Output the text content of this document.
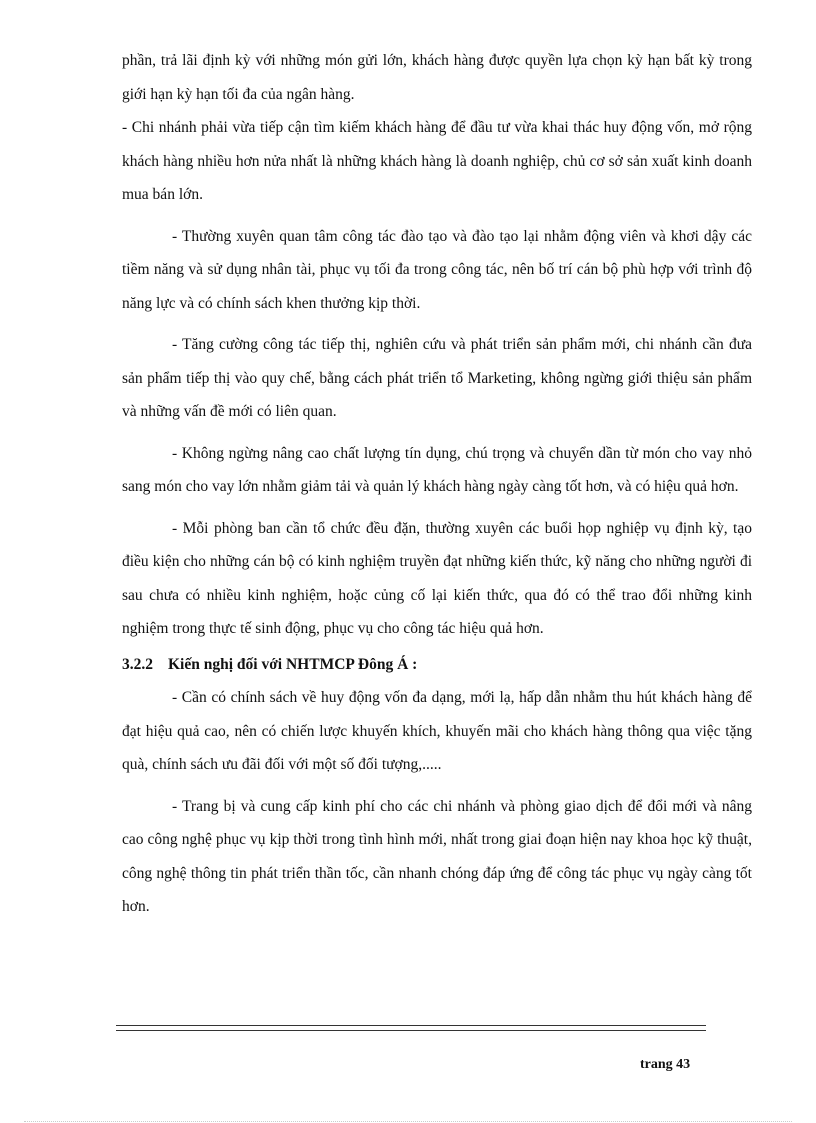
phần, trả lãi định kỳ với những món gửi lớn, khách hàng được quyền lựa chọn kỳ hạn bất kỳ trong giới hạn kỳ hạn tối đa của ngân hàng.

- Chi nhánh phải vừa tiếp cận tìm kiếm khách hàng để đầu tư vừa khai thác huy động vốn, mở rộng khách hàng nhiều hơn nửa nhất là những khách hàng là doanh nghiệp, chủ cơ sở sản xuất kinh doanh mua bán lớn.

- Thường xuyên quan tâm công tác đào tạo và đào tạo lại nhằm động viên và khơi dậy các tiềm năng và sử dụng nhân tài, phục vụ tối đa trong công tác, nên bố trí cán bộ phù hợp với trình độ năng lực và có chính sách khen thưởng kịp thời.

- Tăng cường công tác tiếp thị, nghiên cứu và phát triển sản phẩm mới, chi nhánh cần đưa sản phẩm tiếp thị vào quy chế, bằng cách phát triển tổ Marketing, không ngừng giới thiệu sản phẩm và những vấn đề mới có liên quan.

- Không ngừng nâng cao chất lượng tín dụng, chú trọng và chuyển dần từ món cho vay nhỏ sang món cho vay lớn nhằm giảm tải và quản lý khách hàng ngày càng tốt hơn, và có hiệu quả hơn.

- Mỗi phòng ban cần tổ chức đều đặn, thường xuyên các buổi họp nghiệp vụ định kỳ, tạo điều kiện cho những cán bộ có kinh nghiệm truyền đạt những kiến thức, kỹ năng cho những người đi sau chưa có nhiều kinh nghiệm, hoặc củng cố lại kiến thức, qua đó có thể trao đổi những kinh nghiệm trong thực tế sinh động, phục vụ cho công tác hiệu quả hơn.

3.2.2 Kiến nghị đối với NHTMCP Đông Á :

- Cần có chính sách về huy động vốn đa dạng, mới lạ, hấp dẫn nhằm thu hút khách hàng để đạt hiệu quả cao, nên có chiến lược khuyến khích, khuyến mãi cho khách hàng thông qua việc tặng quà, chính sách ưu đãi đối với một số đối tượng,.....

- Trang bị và cung cấp kinh phí cho các chi nhánh và phòng giao dịch để đổi mới và nâng cao công nghệ phục vụ kịp thời trong tình hình mới, nhất trong giai đoạn hiện nay khoa học kỹ thuật, công nghệ thông tin phát triển thần tốc, cần nhanh chóng đáp ứng để công tác phục vụ ngày càng tốt hơn.

trang 43
